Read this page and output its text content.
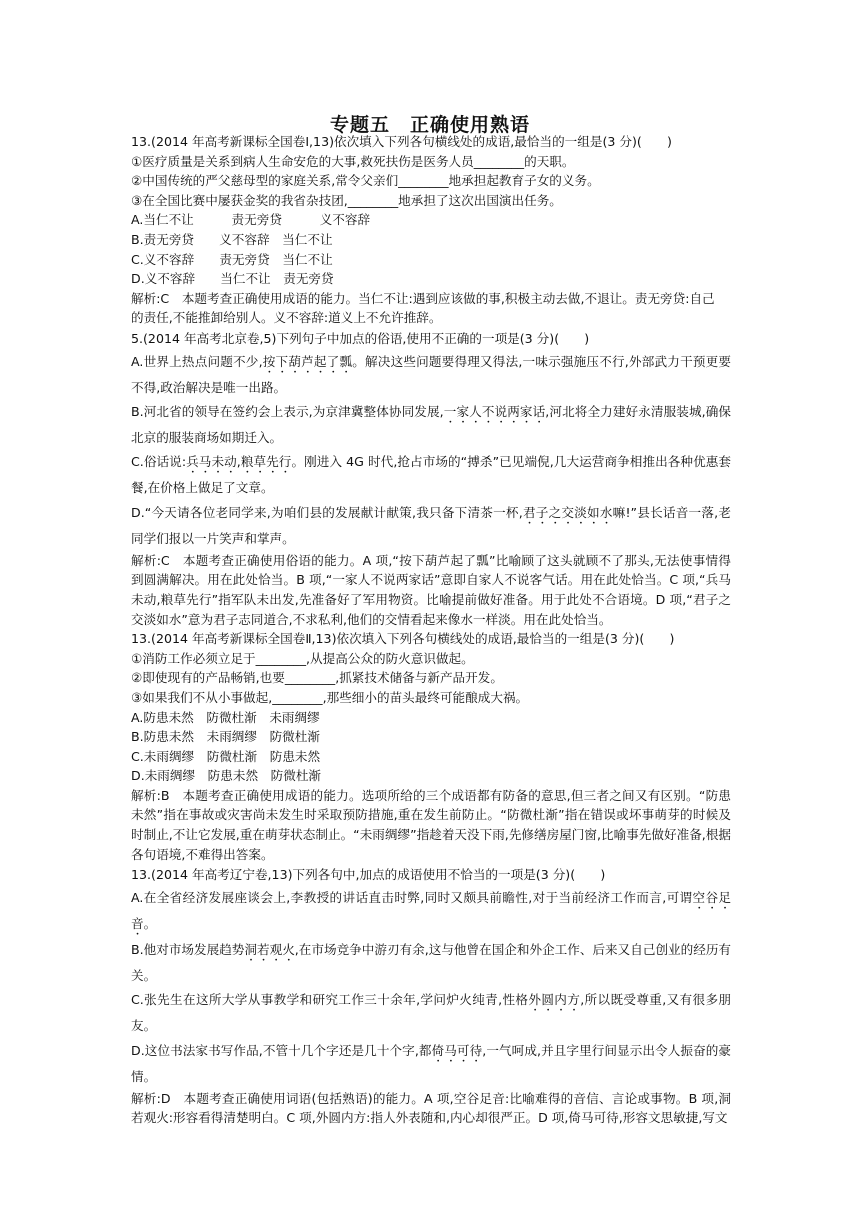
专题五　正确使用熟语

13.(2014 年高考新课标全国卷Ⅰ,13)依次填入下列各句横线处的成语,最恰当的一组是(3 分)(　　)

①医疗质量是关系到病人生命安危的大事,救死扶伤是医务人员________的天职。

②中国传统的严父慈母型的家庭关系,常令父亲们________地承担起教育子女的义务。

③在全国比赛中屡获金奖的我省杂技团,________地承担了这次出国演出任务。

A.当仁不让　　　责无旁贷　　　义不容辞

B.责无旁贷　　义不容辞　当仁不让

C.义不容辞　　责无旁贷　当仁不让

D.义不容辞　　当仁不让　责无旁贷

解析:C　本题考查正确使用成语的能力。当仁不让:遇到应该做的事,积极主动去做,不退让。责无旁贷:自己

的责任,不能推卸给别人。义不容辞:道义上不允许推辞。

5.(2014 年高考北京卷,5)下列句子中加点的俗语,使用不正确的一项是(3 分)(　　)

A.世界上热点问题不少,按下葫芦起了瓢。解决这些问题要得理又得法,一味示强施压不行,外部武力干预更要不得,政治解决是唯一出路。

B.河北省的领导在签约会上表示,为京津冀整体协同发展,一家人不说两家话,河北将全力建好永清服装城,确保北京的服装商场如期迁入。

C.俗话说:兵马未动,粮草先行。刚进入 4G 时代,抢占市场的“搏杀”已见端倪,几大运营商争相推出各种优惠套餐,在价格上做足了文章。

D.“今天请各位老同学来,为咱们县的发展献计献策,我只备下清茶一杯,君子之交淡如水嘛!”县长话音一落,老同学们报以一片笑声和掌声。

解析:C　本题考查正确使用俗语的能力。A 项,“按下葫芦起了瓢”比喻顾了这头就顾不了那头,无法使事情得到圆满解决。用在此处恰当。B 项,“一家人不说两家话”意即自家人不说客气话。用在此处恰当。C 项,“兵马未动,粮草先行”指军队未出发,先准备好了军用物资。比喻提前做好准备。用于此处不合语境。D 项,“君子之交淡如水”意为君子志同道合,不求私利,他们的交情看起来像水一样淡。用在此处恰当。

13.(2014 年高考新课标全国卷Ⅱ,13)依次填入下列各句横线处的成语,最恰当的一组是(3 分)(　　)

①消防工作必须立足于________,从提高公众的防火意识做起。

②即使现有的产品畅销,也要________,抓紧技术储备与新产品开发。

③如果我们不从小事做起,________,那些细小的苗头最终可能酿成大祸。

A.防患未然　防微杜渐　未雨绸缪

B.防患未然　未雨绸缪　防微杜渐

C.未雨绸缪　防微杜渐　防患未然

D.未雨绸缪　防患未然　防微杜渐

解析:B　本题考查正确使用成语的能力。选项所给的三个成语都有防备的意思,但三者之间又有区别。“防患未然”指在事故或灾害尚未发生时采取预防措施,重在发生前防止。“防微杜渐”指在错误或坏事萌芽的时候及时制止,不让它发展,重在萌芽状态制止。“未雨绸缪”指趁着天没下雨,先修缮房屋门窗,比喻事先做好准备,根据各句语境,不难得出答案。

13.(2014 年高考辽宁卷,13)下列各句中,加点的成语使用不恰当的一项是(3 分)(　　)

A.在全省经济发展座谈会上,李教授的讲话直击时弊,同时又颇具前瞻性,对于当前经济工作而言,可谓空谷足音。

B.他对市场发展趋势洞若观火,在市场竞争中游刃有余,这与他曾在国企和外企工作、后来又自己创业的经历有关。

C.张先生在这所大学从事教学和研究工作三十余年,学问炉火纯青,性格外圆内方,所以既受尊重,又有很多朋友。

D.这位书法家书写作品,不管十几个字还是几十个字,都倚马可待,一气呵成,并且字里行间显示出令人振奋的豪情。

解析:D　本题考查正确使用词语(包括熟语)的能力。A 项,空谷足音:比喻难得的音信、言论或事物。B 项,洞若观火:形容看得清楚明白。C 项,外圆内方:指人外表随和,内心却很严正。D 项,倚马可待,形容文思敏捷,写文
